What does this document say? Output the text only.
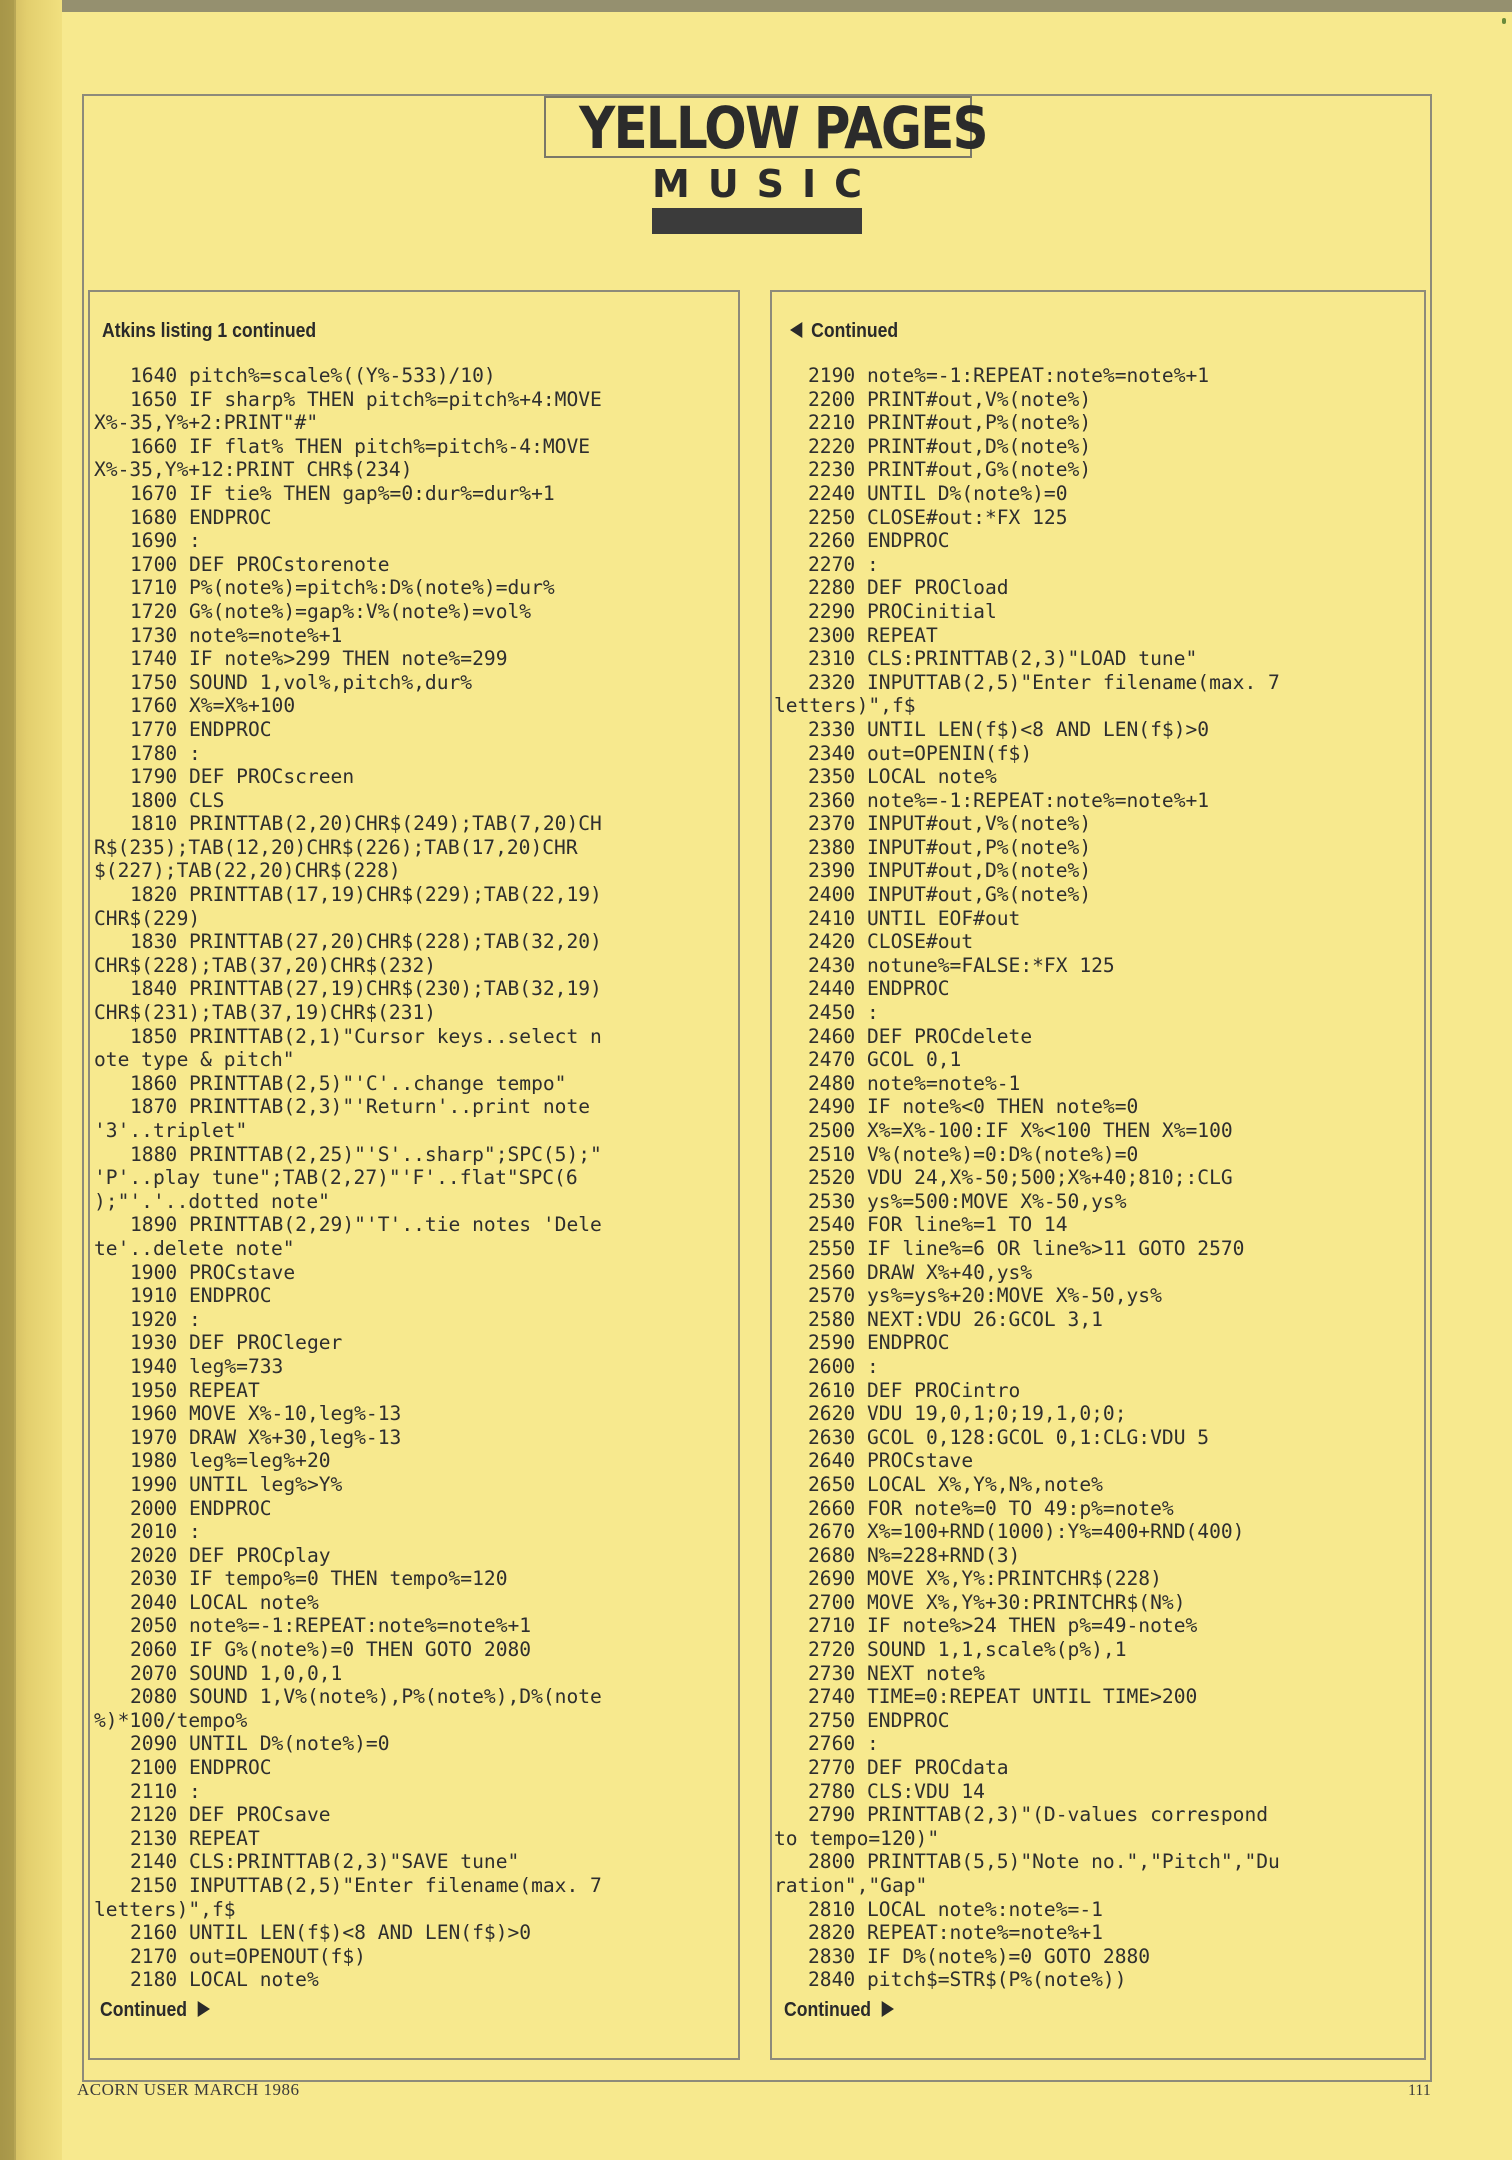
YELLOW PAGES
MUSIC
Atkins listing 1 continued
1640 pitch%=scale%((Y%-533)/10)
1650 IF sharp% THEN pitch%=pitch%+4:MOVE
X%-35,Y%+2:PRINT"#"
1660 IF flat% THEN pitch%=pitch%-4:MOVE
X%-35,Y%+12:PRINT CHR$(234)
1670 IF tie% THEN gap%=0:dur%=dur%+1
1680 ENDPROC
1690 :
1700 DEF PROCstorenote
1710 P%(note%)=pitch%:D%(note%)=dur%
1720 G%(note%)=gap%:V%(note%)=vol%
1730 note%=note%+1
1740 IF note%>299 THEN note%=299
1750 SOUND 1,vol%,pitch%,dur%
1760 X%=X%+100
1770 ENDPROC
1780 :
1790 DEF PROCscreen
1800 CLS
1810 PRINTTAB(2,20)CHR$(249);TAB(7,20)CH
R$(235);TAB(12,20)CHR$(226);TAB(17,20)CHR
$(227);TAB(22,20)CHR$(228)
1820 PRINTTAB(17,19)CHR$(229);TAB(22,19)
CHR$(229)
1830 PRINTTAB(27,20)CHR$(228);TAB(32,20)
CHR$(228);TAB(37,20)CHR$(232)
1840 PRINTTAB(27,19)CHR$(230);TAB(32,19)
CHR$(231);TAB(37,19)CHR$(231)
1850 PRINTTAB(2,1)"Cursor keys..select n
ote type & pitch"
1860 PRINTTAB(2,5)"'C'..change tempo"
1870 PRINTTAB(2,3)"'Return'..print note
'3'..triplet"
1880 PRINTTAB(2,25)"'S'..sharp";SPC(5);"
'P'..play tune";TAB(2,27)"'F'..flat"SPC(6
);"'.'..dotted note"
1890 PRINTTAB(2,29)"'T'..tie notes 'Dele
te'..delete note"
1900 PROCstave
1910 ENDPROC
1920 :
1930 DEF PROCleger
1940 leg%=733
1950 REPEAT
1960 MOVE X%-10,leg%-13
1970 DRAW X%+30,leg%-13
1980 leg%=leg%+20
1990 UNTIL leg%>Y%
2000 ENDPROC
2010 :
2020 DEF PROCplay
2030 IF tempo%=0 THEN tempo%=120
2040 LOCAL note%
2050 note%=-1:REPEAT:note%=note%+1
2060 IF G%(note%)=0 THEN GOTO 2080
2070 SOUND 1,0,0,1
2080 SOUND 1,V%(note%),P%(note%),D%(note
%)*100/tempo%
2090 UNTIL D%(note%)=0
2100 ENDPROC
2110 :
2120 DEF PROCsave
2130 REPEAT
2140 CLS:PRINTTAB(2,3)"SAVE tune"
2150 INPUTTAB(2,5)"Enter filename(max. 7
letters)",f$
2160 UNTIL LEN(f$)<8 AND LEN(f$)>0
2170 out=OPENOUT(f$)
2180 LOCAL note%
Continued
Continued
2190 note%=-1:REPEAT:note%=note%+1
2200 PRINT#out,V%(note%)
2210 PRINT#out,P%(note%)
2220 PRINT#out,D%(note%)
2230 PRINT#out,G%(note%)
2240 UNTIL D%(note%)=0
2250 CLOSE#out:*FX 125
2260 ENDPROC
2270 :
2280 DEF PROCload
2290 PROCinitial
2300 REPEAT
2310 CLS:PRINTTAB(2,3)"LOAD tune"
2320 INPUTTAB(2,5)"Enter filename(max. 7
letters)",f$
2330 UNTIL LEN(f$)<8 AND LEN(f$)>0
2340 out=OPENIN(f$)
2350 LOCAL note%
2360 note%=-1:REPEAT:note%=note%+1
2370 INPUT#out,V%(note%)
2380 INPUT#out,P%(note%)
2390 INPUT#out,D%(note%)
2400 INPUT#out,G%(note%)
2410 UNTIL EOF#out
2420 CLOSE#out
2430 notune%=FALSE:*FX 125
2440 ENDPROC
2450 :
2460 DEF PROCdelete
2470 GCOL 0,1
2480 note%=note%-1
2490 IF note%<0 THEN note%=0
2500 X%=X%-100:IF X%<100 THEN X%=100
2510 V%(note%)=0:D%(note%)=0
2520 VDU 24,X%-50;500;X%+40;810;:CLG
2530 ys%=500:MOVE X%-50,ys%
2540 FOR line%=1 TO 14
2550 IF line%=6 OR line%>11 GOTO 2570
2560 DRAW X%+40,ys%
2570 ys%=ys%+20:MOVE X%-50,ys%
2580 NEXT:VDU 26:GCOL 3,1
2590 ENDPROC
2600 :
2610 DEF PROCintro
2620 VDU 19,0,1;0;19,1,0;0;
2630 GCOL 0,128:GCOL 0,1:CLG:VDU 5
2640 PROCstave
2650 LOCAL X%,Y%,N%,note%
2660 FOR note%=0 TO 49:p%=note%
2670 X%=100+RND(1000):Y%=400+RND(400)
2680 N%=228+RND(3)
2690 MOVE X%,Y%:PRINTCHR$(228)
2700 MOVE X%,Y%+30:PRINTCHR$(N%)
2710 IF note%>24 THEN p%=49-note%
2720 SOUND 1,1,scale%(p%),1
2730 NEXT note%
2740 TIME=0:REPEAT UNTIL TIME>200
2750 ENDPROC
2760 :
2770 DEF PROCdata
2780 CLS:VDU 14
2790 PRINTTAB(2,3)"(D-values correspond
to tempo=120)"
2800 PRINTTAB(5,5)"Note no.","Pitch","Du
ration","Gap"
2810 LOCAL note%:note%=-1
2820 REPEAT:note%=note%+1
2830 IF D%(note%)=0 GOTO 2880
2840 pitch$=STR$(P%(note%))
Continued
ACORN USER MARCH 1986	111
